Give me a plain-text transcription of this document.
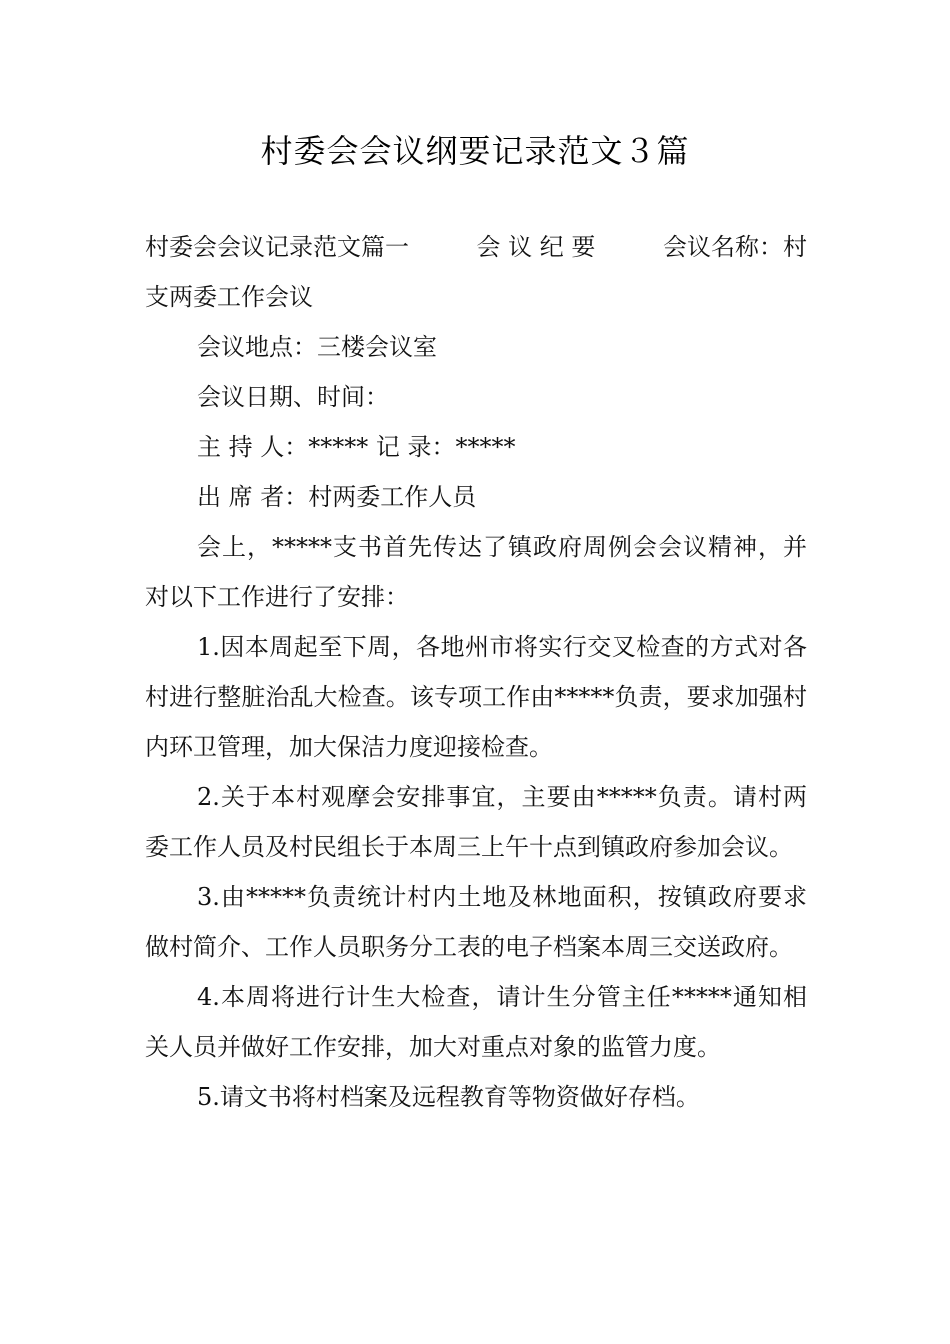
村委会会议纲要记录范文３篇
村委会会议记录范文篇一	会 议 纪 要	会议名称：村

支两委工作会议

会议地点：三楼会议室

会议日期、时间：

主 持 人：***** 记 录：*****

出 席 者：村两委工作人员

会上，*****支书首先传达了镇政府周例会会议精神，并对以下工作进行了安排：

1.因本周起至下周，各地州市将实行交叉检查的方式对各村进行整脏治乱大检查。该专项工作由*****负责，要求加强村内环卫管理，加大保洁力度迎接检查。

2.关于本村观摩会安排事宜，主要由*****负责。请村两委工作人员及村民组长于本周三上午十点到镇政府参加会议。

3.由*****负责统计村内土地及林地面积，按镇政府要求做村简介、工作人员职务分工表的电子档案本周三交送政府。

4.本周将进行计生大检查，请计生分管主任*****通知相关人员并做好工作安排，加大对重点对象的监管力度。

5.请文书将村档案及远程教育等物资做好存档。
